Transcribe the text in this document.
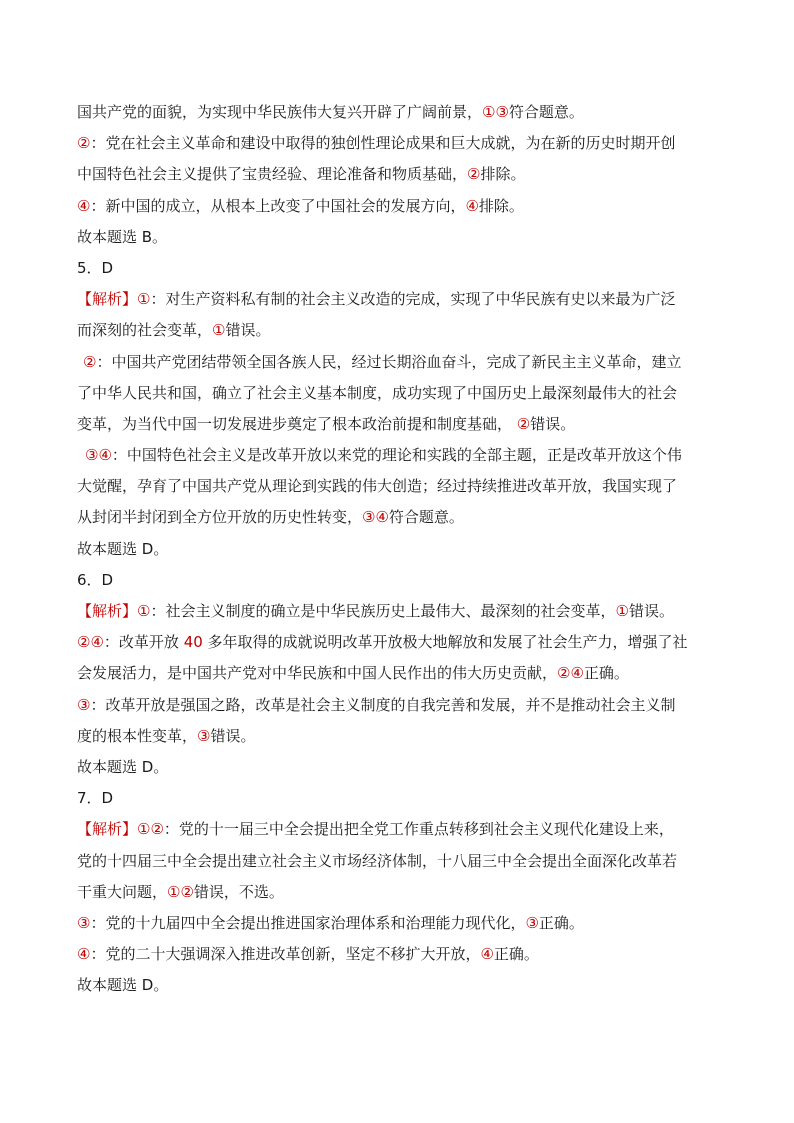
国共产党的面貌，为实现中华民族伟大复兴开辟了广阔前景，①③符合题意。
②：党在社会主义革命和建设中取得的独创性理论成果和巨大成就，为在新的历史时期开创
中国特色社会主义提供了宝贵经验、理论准备和物质基础，②排除。
④：新中国的成立，从根本上改变了中国社会的发展方向，④排除。
故本题选 B。
5．D
【解析】①：对生产资料私有制的社会主义改造的完成，实现了中华民族有史以来最为广泛
而深刻的社会变革，①错误。
②：中国共产党团结带领全国各族人民，经过长期浴血奋斗，完成了新民主主义革命，建立
了中华人民共和国，确立了社会主义基本制度，成功实现了中国历史上最深刻最伟大的社会
变革，为当代中国一切发展进步奠定了根本政治前提和制度基础， ②错误。
③④：中国特色社会主义是改革开放以来党的理论和实践的全部主题，正是改革开放这个伟
大觉醒，孕育了中国共产党从理论到实践的伟大创造；经过持续推进改革开放，我国实现了
从封闭半封闭到全方位开放的历史性转变，③④符合题意。
故本题选 D。
6．D
【解析】①：社会主义制度的确立是中华民族历史上最伟大、最深刻的社会变革，①错误。
②④：改革开放 40 多年取得的成就说明改革开放极大地解放和发展了社会生产力，增强了社
会发展活力，是中国共产党对中华民族和中国人民作出的伟大历史贡献，②④正确。
③：改革开放是强国之路，改革是社会主义制度的自我完善和发展，并不是推动社会主义制
度的根本性变革，③错误。
故本题选 D。
7．D
【解析】①②：党的十一届三中全会提出把全党工作重点转移到社会主义现代化建设上来，
党的十四届三中全会提出建立社会主义市场经济体制，十八届三中全会提出全面深化改革若
干重大问题，①②错误，不选。
③：党的十九届四中全会提出推进国家治理体系和治理能力现代化，③正确。
④：党的二十大强调深入推进改革创新，坚定不移扩大开放，④正确。
故本题选 D。
